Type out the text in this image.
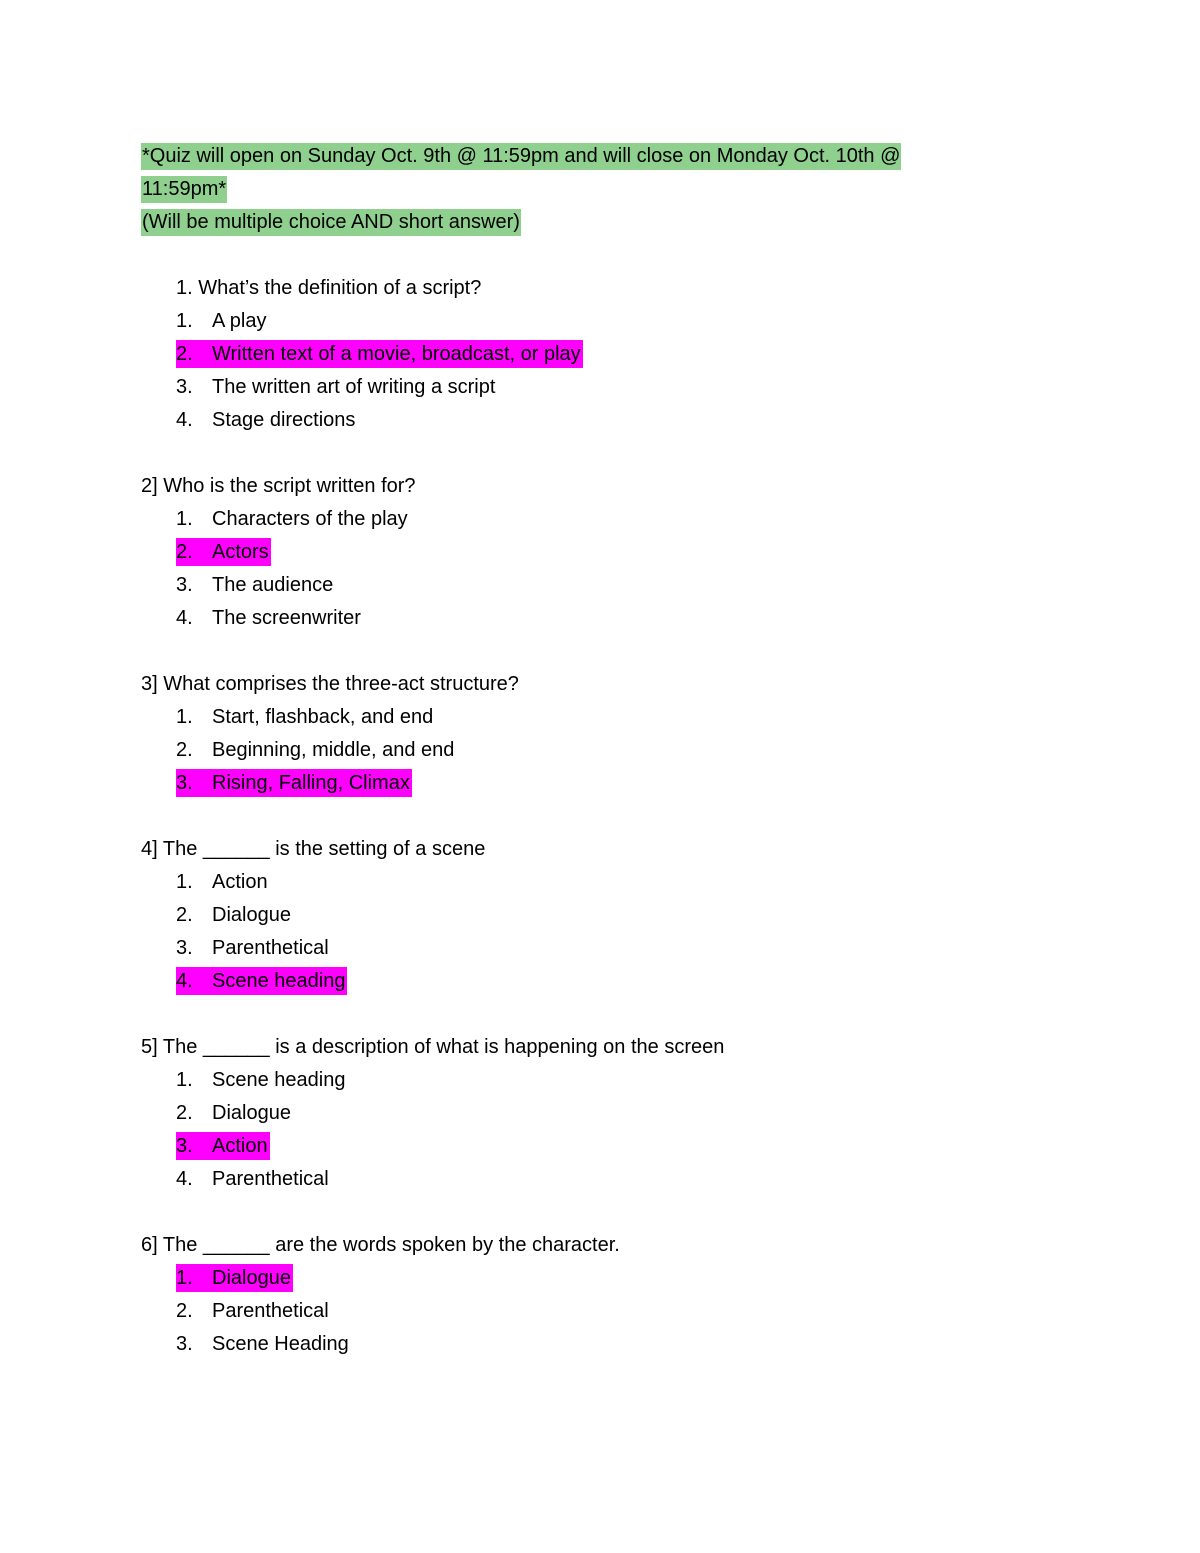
*Quiz will open on Sunday Oct. 9th @ 11:59pm and will close on Monday Oct. 10th @
11:59pm*
(Will be multiple choice AND short answer)
1. What’s the definition of a script?
1. A play
2. Written text of a movie, broadcast, or play
3. The written art of writing a script
4. Stage directions
2] Who is the script written for?
1. Characters of the play
2. Actors
3. The audience
4. The screenwriter
3] What comprises the three-act structure?
1. Start, flashback, and end
2. Beginning, middle, and end
3. Rising, Falling, Climax
4] The ______ is the setting of a scene
1. Action
2. Dialogue
3. Parenthetical
4. Scene heading
5] The ______ is a description of what is happening on the screen
1. Scene heading
2. Dialogue
3. Action
4. Parenthetical
6] The ______ are the words spoken by the character.
1. Dialogue
2. Parenthetical
3. Scene Heading
